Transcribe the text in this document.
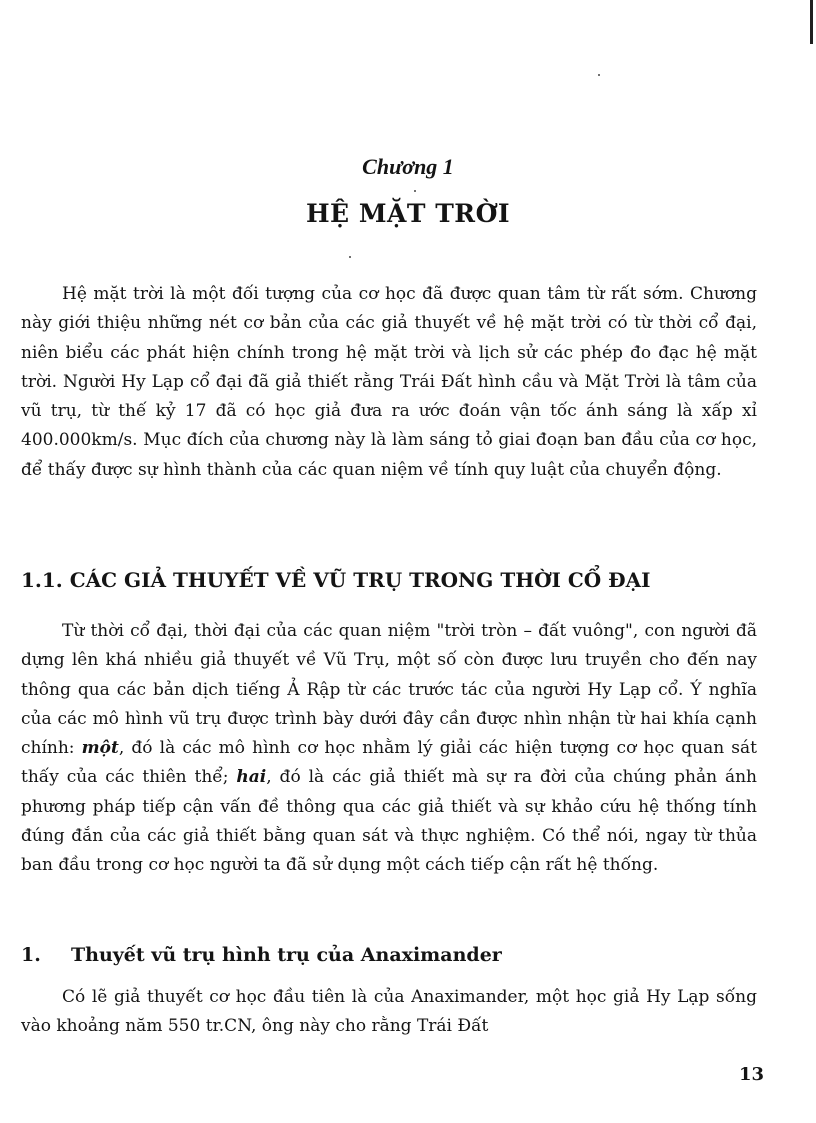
Chương 1
HỆ MẶT TRỜI

Hệ mặt trời là một đối tượng của cơ học đã được quan tâm từ rất sớm. Chương này giới thiệu những nét cơ bản của các giả thuyết về hệ mặt trời có từ thời cổ đại, niên biểu các phát hiện chính trong hệ mặt trời và lịch sử các phép đo đạc hệ mặt trời. Người Hy Lạp cổ đại đã giả thiết rằng Trái Đất hình cầu và Mặt Trời là tâm của vũ trụ, từ thế kỷ 17 đã có học giả đưa ra ước đoán vận tốc ánh sáng là xấp xỉ 400.000km/s. Mục đích của chương này là làm sáng tỏ giai đoạn ban đầu của cơ học, để thấy được sự hình thành của các quan niệm về tính quy luật của chuyển động.

1.1. CÁC GIẢ THUYẾT VỀ VŨ TRỤ TRONG THỜI CỔ ĐẠI

Từ thời cổ đại, thời đại của các quan niệm "trời tròn – đất vuông", con người đã dựng lên khá nhiều giả thuyết về Vũ Trụ, một số còn được lưu truyền cho đến nay thông qua các bản dịch tiếng Ả Rập từ các trước tác của người Hy Lạp cổ. Ý nghĩa của các mô hình vũ trụ được trình bày dưới đây cần được nhìn nhận từ hai khía cạnh chính: một, đó là các mô hình cơ học nhằm lý giải các hiện tượng cơ học quan sát thấy của các thiên thể; hai, đó là các giả thiết mà sự ra đời của chúng phản ánh phương pháp tiếp cận vấn đề thông qua các giả thiết và sự khảo cứu hệ thống tính đúng đắn của các giả thiết bằng quan sát và thực nghiệm. Có thể nói, ngay từ thủa ban đầu trong cơ học người ta đã sử dụng một cách tiếp cận rất hệ thống.

1. Thuyết vũ trụ hình trụ của Anaximander

Có lẽ giả thuyết cơ học đầu tiên là của Anaximander, một học giả Hy Lạp sống vào khoảng năm 550 tr.CN, ông này cho rằng Trái Đất

13
